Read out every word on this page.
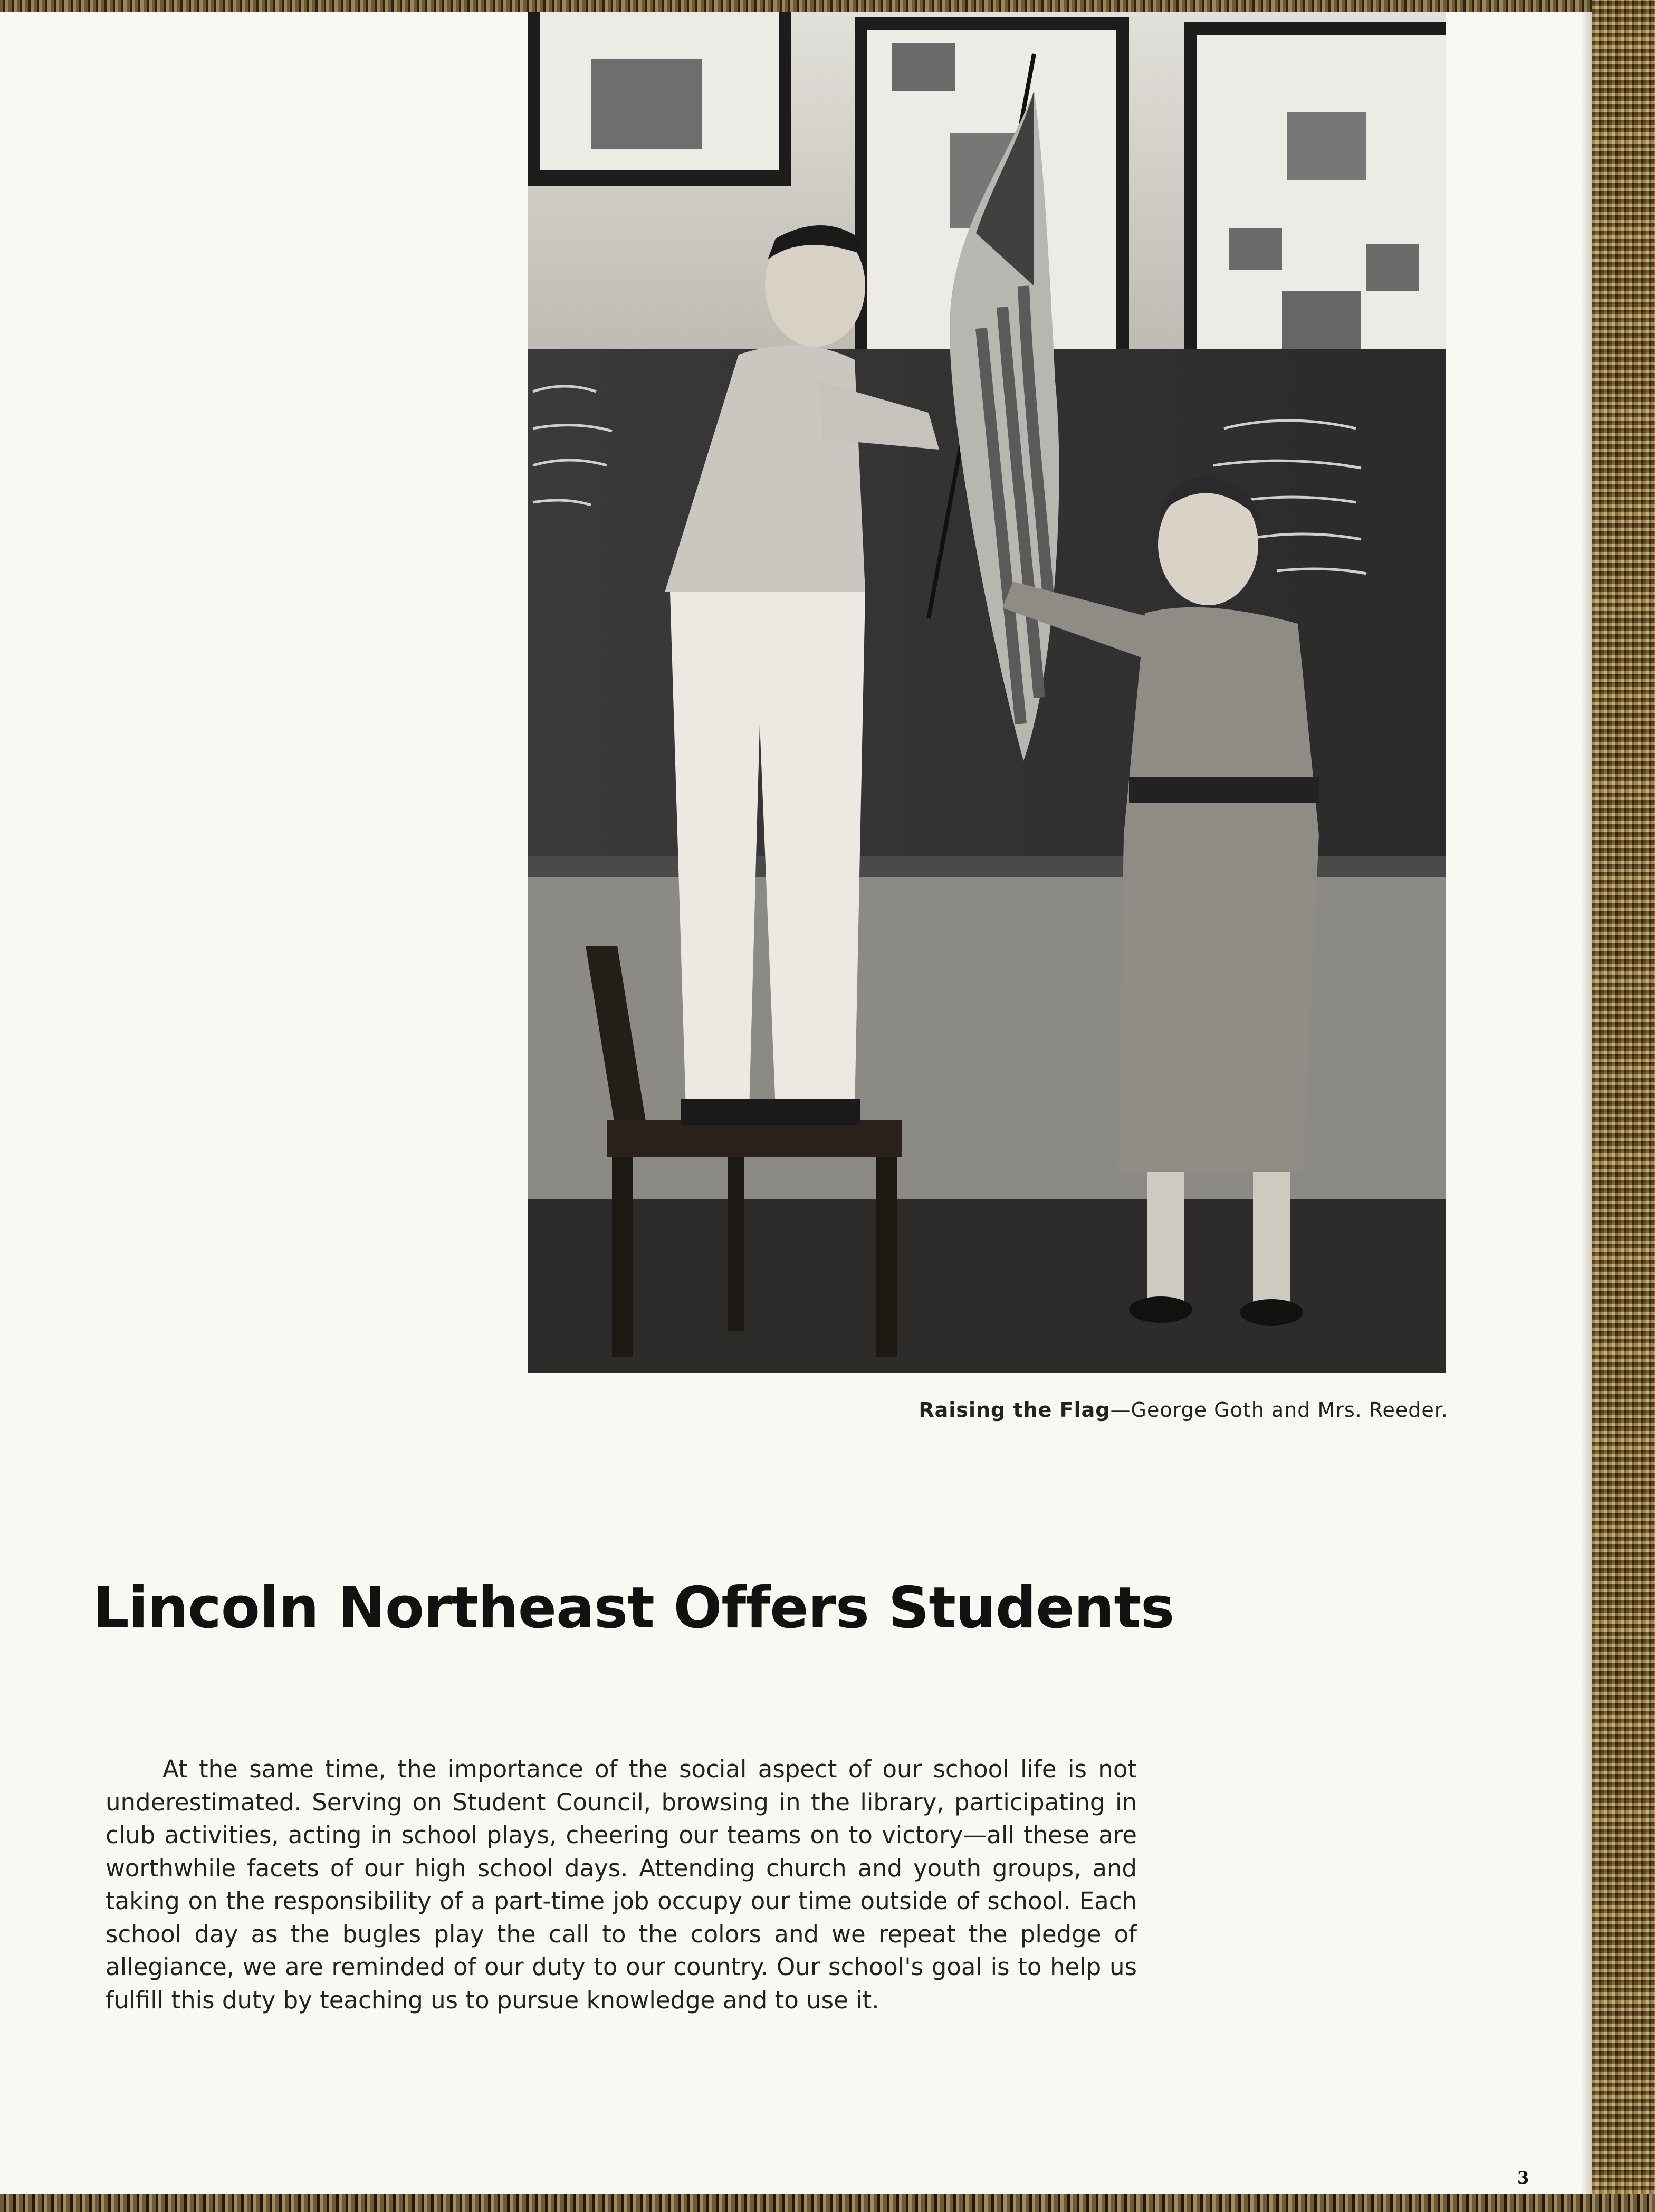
Raising the Flag—George Goth and Mrs. Reeder.
Lincoln Northeast Offers Students

At the same time, the importance of the social aspect of our school life is not underestimated. Serving on Student Council, browsing in the library, participating in club activities, acting in school plays, cheering our teams on to victory—all these are worthwhile facets of our high school days. Attending church and youth groups, and taking on the responsibility of a part-time job occupy our time outside of school. Each school day as the bugles play the call to the colors and we repeat the pledge of allegiance, we are reminded of our duty to our country. Our school's goal is to help us fulfill this duty by teaching us to pursue knowledge and to use it.

3
